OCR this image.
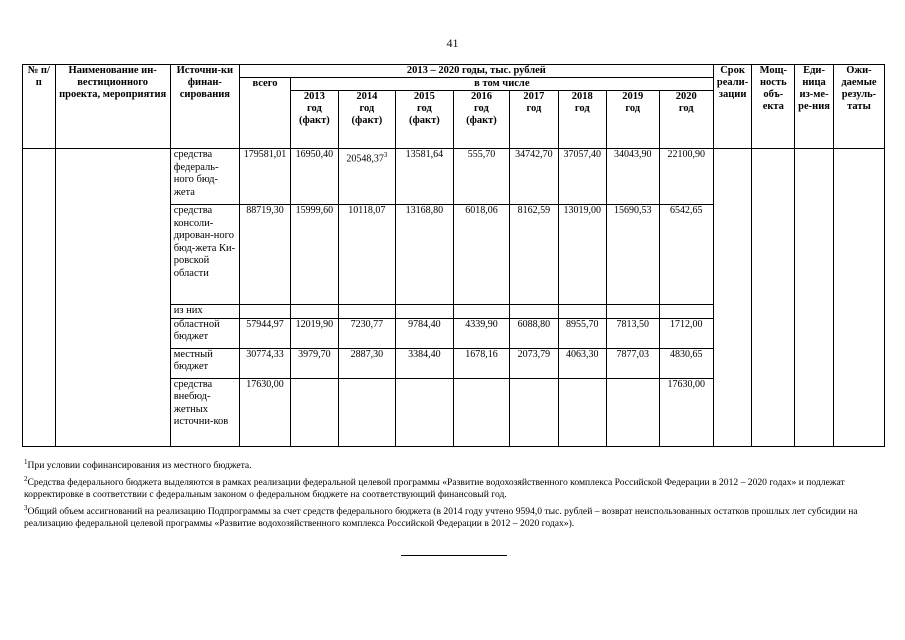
41
№ п/п	Наименование ин-вестиционного проекта, мероприятия	Источни-ки финан-сирования	2013 – 2020 годы, тыс. рублей									Срок реали-зации	Мощ-ность объ-екта	Еди-ница из-ме-ре-ния	Ожи-даемые резуль-таты
			всего	в том числе											
				2013
год
(факт)	2014
год
(факт)	2015
год
(факт)	2016
год
(факт)	2017
год	2018
год	2019
год	2020
год				
		средства федераль-ного бюд-жета	179581,01	16950,40	20548,37$^3$	13581,64	555,70	34742,70	37057,40	34043,90	22100,90				
		средства консоли-дирован-ного бюд-жета Ки-ровской области	88719,30	15999,60	10118,07	13168,80	6018,06	8162,59	13019,00	15690,53	6542,65				
		из них													
		областной бюджет	57944,97	12019,90	7230,77	9784,40	4339,90	6088,80	8955,70	7813,50	1712,00				
		местный бюджет	30774,33	3979,70	2887,30	3384,40	1678,16	2073,79	4063,30	7877,03	4830,65				
		средства внебюд-жетных источни-ков	17630,00								17630,00				

$^1$При условии софинансирования из местного бюджета.

$^2$Средства федерального бюджета выделяются в рамках реализации федеральной целевой программы «Развитие водохозяйственного комплекса Российской Федерации в 2012 – 2020 годах» и подлежат корректировке в соответствии с федеральным законом о федеральном бюджете на соответствующий финансовый год.

$^3$Общий объем ассигнований на реализацию Подпрограммы за счет средств федерального бюджета (в 2014 году учтено 9594,0 тыс. рублей – возврат неиспользованных остатков прошлых лет субсидии на реализацию федеральной целевой программы «Развитие водохозяйственного комплекса Российской Федерации в 2012 – 2020 годах»).
